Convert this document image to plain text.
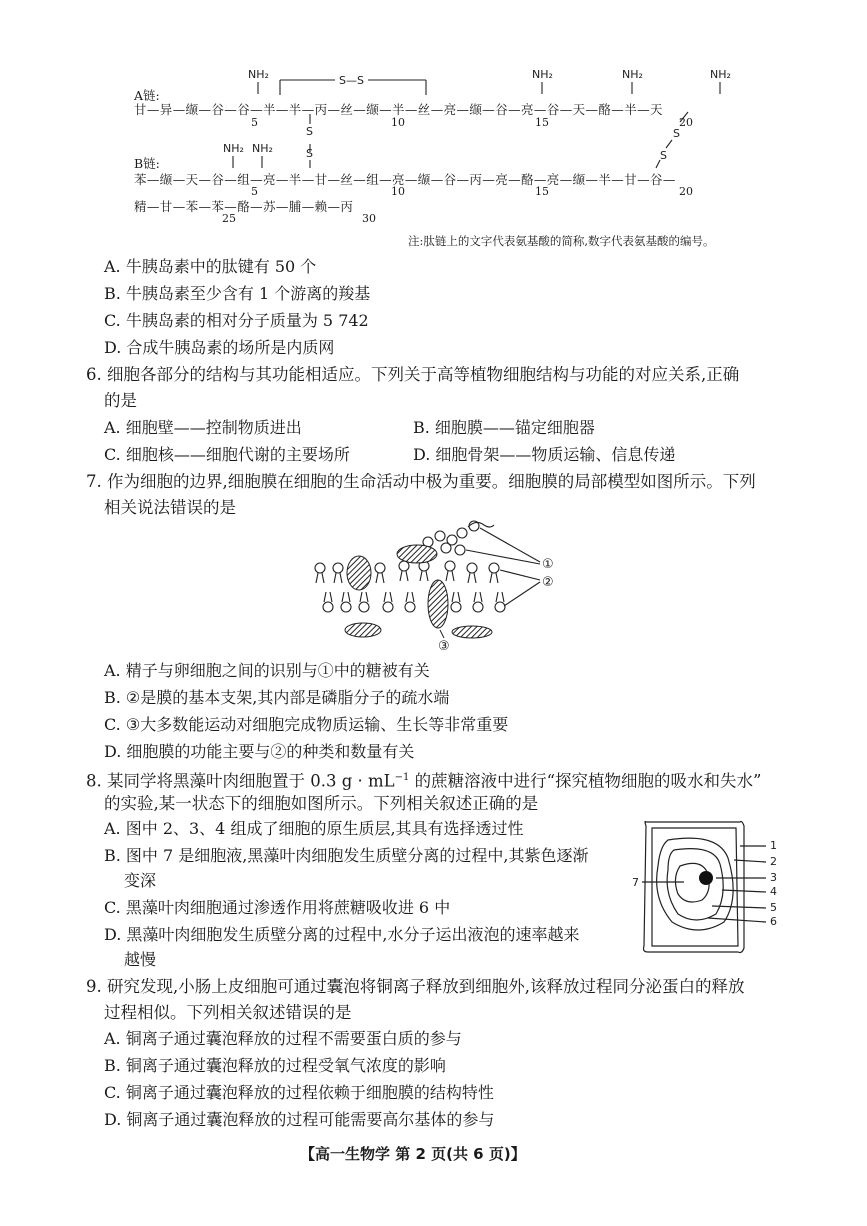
NH₂	S—S	NH₂	NH₂	NH₂
S
S
S
S
NH₂ NH₂
A链:
甘—异—缬—谷—谷—半—半—丙—丝—缬—半—丝—亮—缬—谷—亮—谷—天—酪—半—天
5	10	15	20
B链:
苯—缬—天—谷—组—亮—半—甘—丝—组—亮—缬—谷—丙—亮—酪—亮—缬—半—甘—谷—
5	10	15	20
精—甘—苯—苯—酪—苏—脯—赖—丙
25	30
注:肽链上的文字代表氨基酸的简称,数字代表氨基酸的编号。
A. 牛胰岛素中的肽键有 50 个
B. 牛胰岛素至少含有 1 个游离的羧基
C. 牛胰岛素的相对分子质量为 5 742
D. 合成牛胰岛素的场所是内质网
6. 细胞各部分的结构与其功能相适应。下列关于高等植物细胞结构与功能的对应关系,正确
的是
A. 细胞壁——控制物质进出	B. 细胞膜——锚定细胞器
C. 细胞核——细胞代谢的主要场所	D. 细胞骨架——物质运输、信息传递
7. 作为细胞的边界,细胞膜在细胞的生命活动中极为重要。细胞膜的局部模型如图所示。下列
相关说法错误的是
①
②
③
A. 精子与卵细胞之间的识别与①中的糖被有关
B. ②是膜的基本支架,其内部是磷脂分子的疏水端
C. ③大多数能运动对细胞完成物质运输、生长等非常重要
D. 细胞膜的功能主要与②的种类和数量有关
8. 某同学将黑藻叶肉细胞置于 0.3 $g \cdot mL^{-1}$ 的蔗糖溶液中进行“探究植物细胞的吸水和失水”
的实验,某一状态下的细胞如图所示。下列相关叙述正确的是
A. 图中 2、3、4 组成了细胞的原生质层,其具有选择透过性
B. 图中 7 是细胞液,黑藻叶肉细胞发生质壁分离的过程中,其紫色逐渐
变深
C. 黑藻叶肉细胞通过渗透作用将蔗糖吸收进 6 中
D. 黑藻叶肉细胞发生质壁分离的过程中,水分子运出液泡的速率越来
越慢
1
2
3
4
5
6
7
9. 研究发现,小肠上皮细胞可通过囊泡将铜离子释放到细胞外,该释放过程同分泌蛋白的释放
过程相似。下列相关叙述错误的是
A. 铜离子通过囊泡释放的过程不需要蛋白质的参与
B. 铜离子通过囊泡释放的过程受氧气浓度的影响
C. 铜离子通过囊泡释放的过程依赖于细胞膜的结构特性
D. 铜离子通过囊泡释放的过程可能需要高尔基体的参与
【高一生物学 第 2 页(共 6 页)】
